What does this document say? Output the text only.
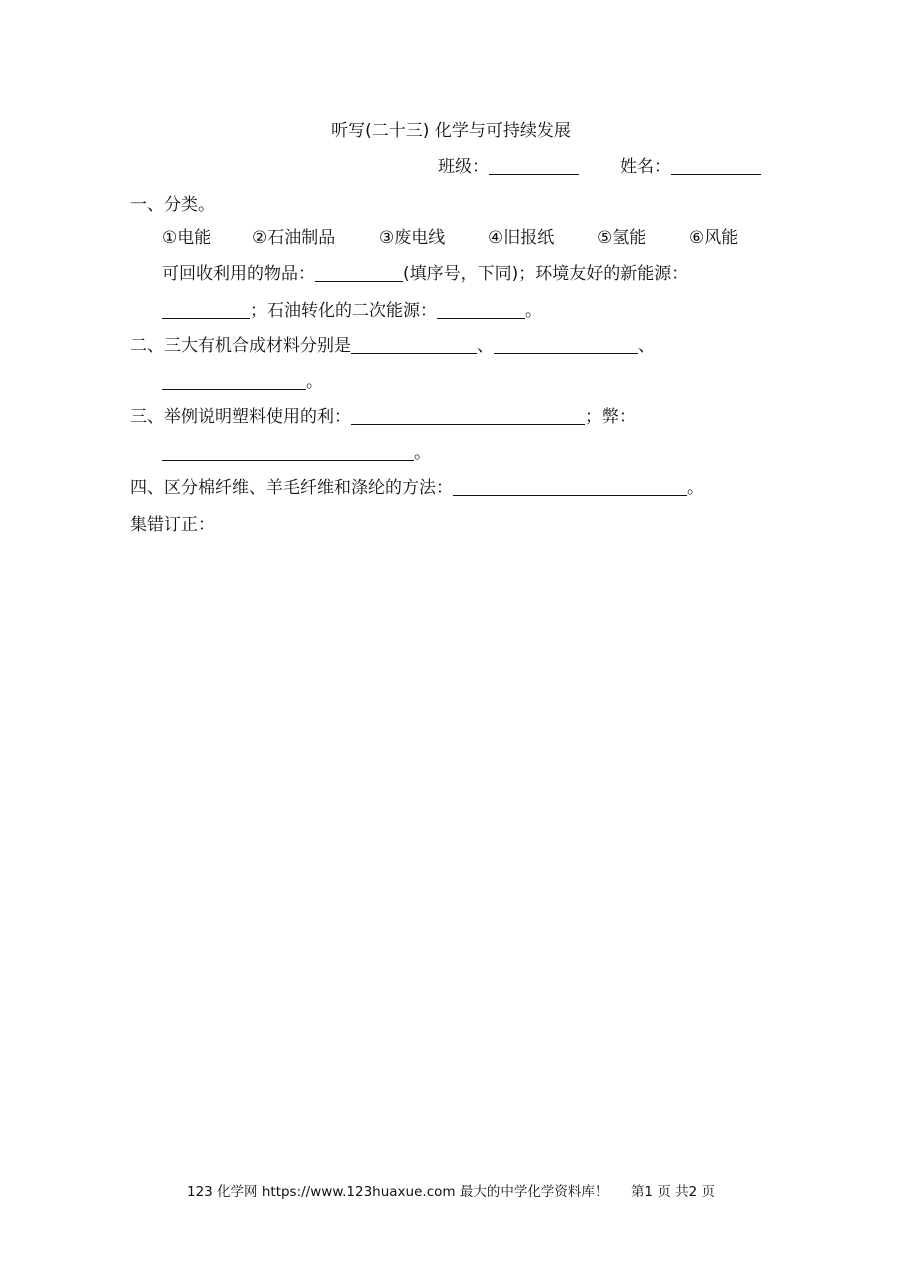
听写(二十三) 化学与可持续发展
班级：	姓名：
一、分类。
①电能 ②石油制品	③废电线	④旧报纸	⑤氢能	⑥风能
可回收利用的物品：	(填序号，下同)；环境友好的新能源：
；石油转化的二次能源：	。
二、三大有机合成材料分别是	、	、
。
三、举例说明塑料使用的利：	；弊：
。
四、区分棉纤维、羊毛纤维和涤纶的方法：	。
集错订正：
123 化学网 https://www.123huaxue.com 最大的中学化学资料库！ 第1 页 共2 页
